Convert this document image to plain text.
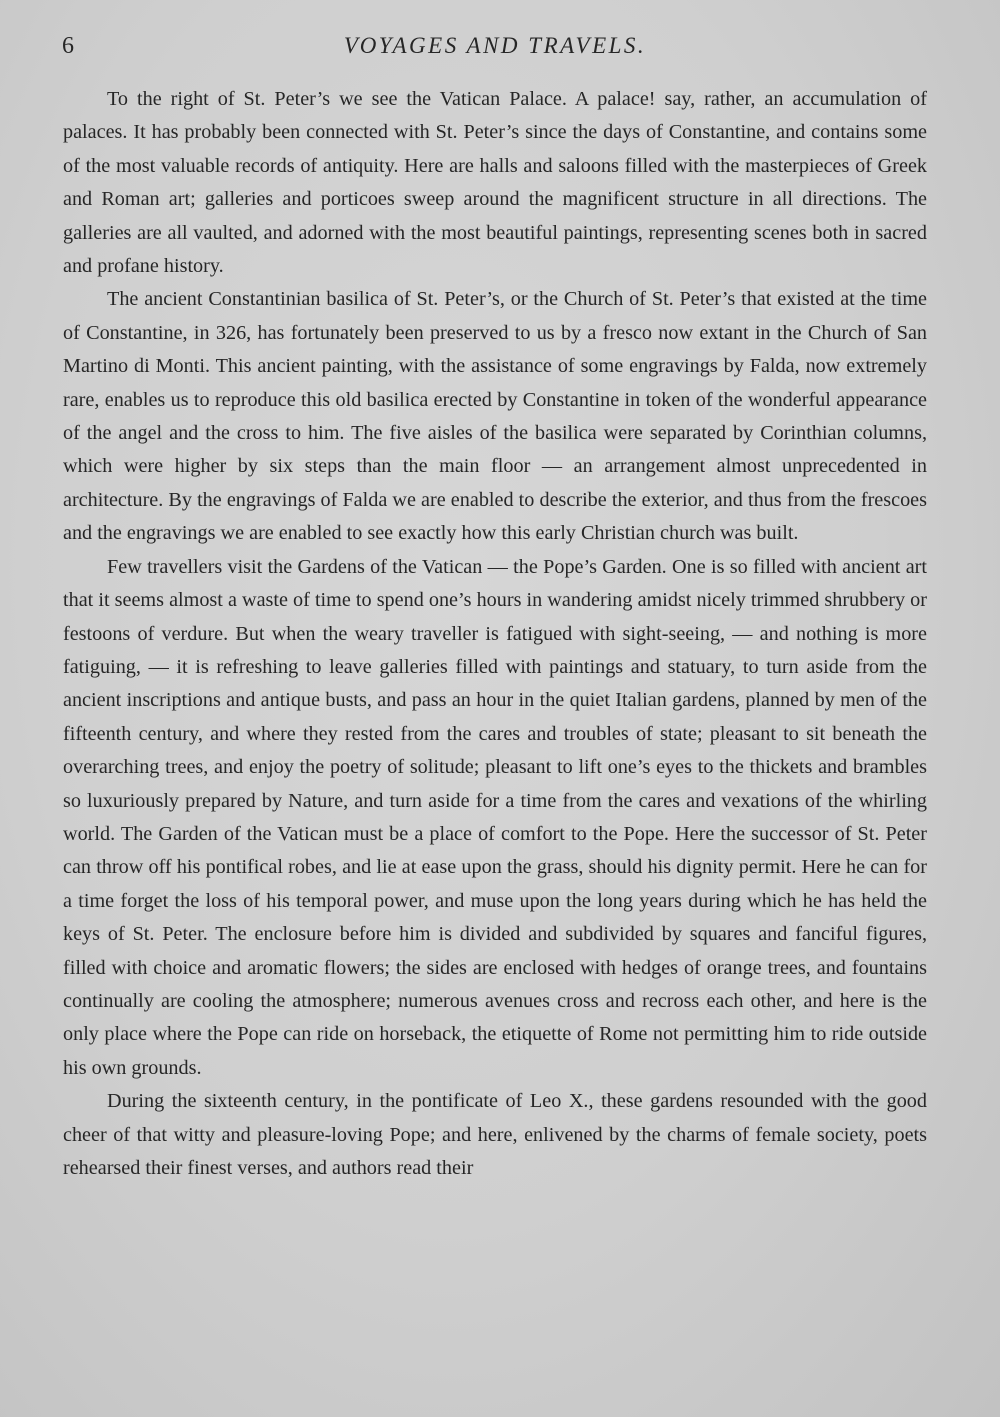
6	VOYAGES AND TRAVELS.

To the right of St. Peter’s we see the Vatican Palace. A palace! say, rather, an accumulation of palaces. It has probably been connected with St. Peter’s since the days of Constantine, and contains some of the most valuable records of antiquity. Here are halls and saloons filled with the masterpieces of Greek and Roman art; galleries and porticoes sweep around the magnificent structure in all directions. The galleries are all vaulted, and adorned with the most beautiful paintings, representing scenes both in sacred and profane history.

The ancient Constantinian basilica of St. Peter’s, or the Church of St. Peter’s that existed at the time of Constantine, in 326, has fortunately been preserved to us by a fresco now extant in the Church of San Martino di Monti. This ancient painting, with the assistance of some engravings by Falda, now extremely rare, enables us to reproduce this old basilica erected by Constantine in token of the wonderful appearance of the angel and the cross to him. The five aisles of the basilica were separated by Corinthian columns, which were higher by six steps than the main floor — an arrangement almost unprecedented in architecture. By the engravings of Falda we are enabled to describe the exterior, and thus from the frescoes and the engravings we are enabled to see exactly how this early Christian church was built.

Few travellers visit the Gardens of the Vatican — the Pope’s Garden. One is so filled with ancient art that it seems almost a waste of time to spend one’s hours in wandering amidst nicely trimmed shrubbery or festoons of verdure. But when the weary traveller is fatigued with sight-seeing, — and nothing is more fatiguing, — it is refreshing to leave galleries filled with paintings and statuary, to turn aside from the ancient inscriptions and antique busts, and pass an hour in the quiet Italian gardens, planned by men of the fifteenth century, and where they rested from the cares and troubles of state; pleasant to sit beneath the overarching trees, and enjoy the poetry of solitude; pleasant to lift one’s eyes to the thickets and brambles so luxuriously prepared by Nature, and turn aside for a time from the cares and vexations of the whirling world. The Garden of the Vatican must be a place of comfort to the Pope. Here the successor of St. Peter can throw off his pontifical robes, and lie at ease upon the grass, should his dignity permit. Here he can for a time forget the loss of his temporal power, and muse upon the long years during which he has held the keys of St. Peter. The enclosure before him is divided and subdivided by squares and fanciful figures, filled with choice and aromatic flowers; the sides are enclosed with hedges of orange trees, and fountains continually are cooling the atmosphere; numerous avenues cross and recross each other, and here is the only place where the Pope can ride on horseback, the etiquette of Rome not permitting him to ride outside his own grounds.

During the sixteenth century, in the pontificate of Leo X., these gardens resounded with the good cheer of that witty and pleasure-loving Pope; and here, enlivened by the charms of female society, poets rehearsed their finest verses, and authors read their
